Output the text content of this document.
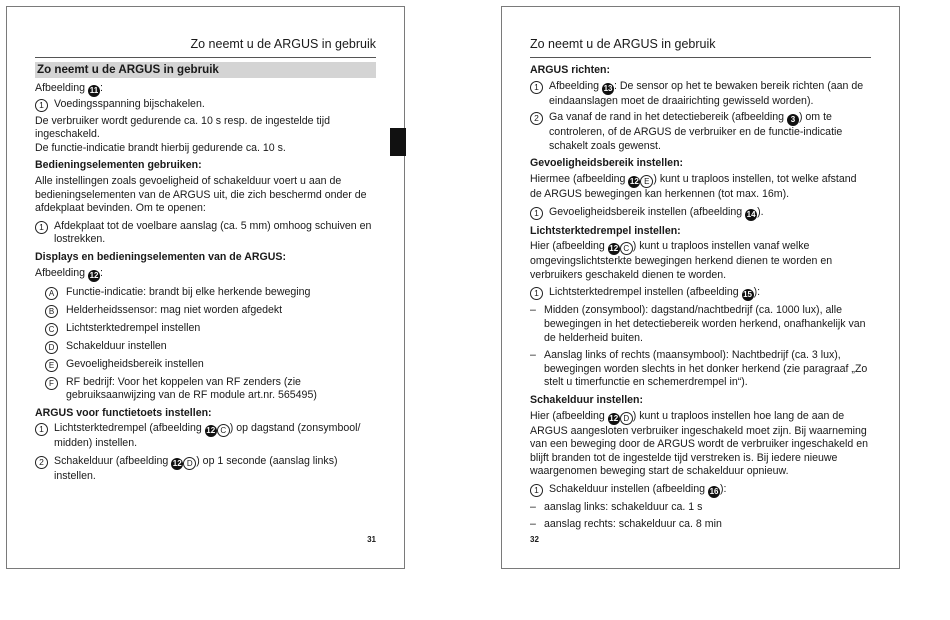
Zo neemt u de ARGUS in gebruik
Zo neemt u de ARGUS in gebruik
Afbeelding 11 :
1 Voedingsspanning bijschakelen.

De verbruiker wordt gedurende ca. 10 s resp. de ingestelde tijd ingeschakeld.

De functie-indicatie brandt hierbij gedurende ca. 10 s.

Bedieningselementen gebruiken:

Alle instellingen zoals gevoeligheid of schakelduur voert u aan de bedieningselementen van de ARGUS uit, die zich beschermd onder de afdekplaat bevinden. Om te openen:

1 Afdekplaat tot de voelbare aanslag (ca. 5 mm) omhoog schuiven en lostrekken.
Displays en bedieningselementen van de ARGUS:
Afbeelding 12 :
A	Functie-indicatie: brandt bij elke herkende beweging
B	Helderheidssensor: mag niet worden afgedekt
C	Lichtsterktedrempel instellen
D	Schakelduur instellen
E	Gevoeligheidsbereik instellen
F	RF bedrijf: Voor het koppelen van RF zenders (zie gebruiksaanwijzing van de RF module art.nr. 565495)
ARGUS voor functietoets instellen:
1 Lichtsterktedrempel (afbeelding 12 C ) op dagstand (zonsymbool/ midden) instellen.
2 Schakelduur (afbeelding 12 D ) op 1 seconde (aanslag links) instellen.
31
Zo neemt u de ARGUS in gebruik
ARGUS richten:
1 Afbeelding 13 : De sensor op het te bewaken bereik richten (aan de eindaanslagen moet de draairichting gewisseld worden).
2 Ga vanaf de rand in het detectiebereik (afbeelding 3 ) om te controleren, of de ARGUS de verbruiker en de functie-indicatie schakelt zoals gewenst.
Gevoeligheidsbereik instellen:

Hiermee (afbeelding 12 E ) kunt u traploos instellen, tot welke afstand de ARGUS bewegingen kan herkennen (tot max. 16m).

1 Gevoeligheidsbereik instellen (afbeelding 14 ).
Lichtsterktedrempel instellen:

Hier (afbeelding 12 C ) kunt u traploos instellen vanaf welke omgevingslichtsterkte bewegingen herkend dienen te worden en verbruikers geschakeld dienen te worden.

1 Lichtsterktedrempel instellen (afbeelding 15 ):
– Midden (zonsymbool): dagstand/nachtbedrijf (ca. 1000 lux), alle bewegingen in het detectiebereik worden herkend, onafhankelijk van de helderheid buiten.
– Aanslag links of rechts (maansymbool): Nachtbedrijf (ca. 3 lux), bewegingen worden slechts in het donker herkend (zie paragraaf „Zo stelt u timerfunctie en schemerdrempel in“).
Schakelduur instellen:

Hier (afbeelding 12 D ) kunt u traploos instellen hoe lang de aan de ARGUS aangesloten verbruiker ingeschakeld moet zijn. Bij waarneming van een beweging door de ARGUS wordt de verbruiker ingeschakeld en blijft branden tot de ingestelde tijd verstreken is. Bij iedere nieuwe waargenomen beweging start de schakelduur opnieuw.

1 Schakelduur instellen (afbeelding 16 ):
– aanslag links: schakelduur ca. 1 s
– aanslag rechts: schakelduur ca. 8 min
32
